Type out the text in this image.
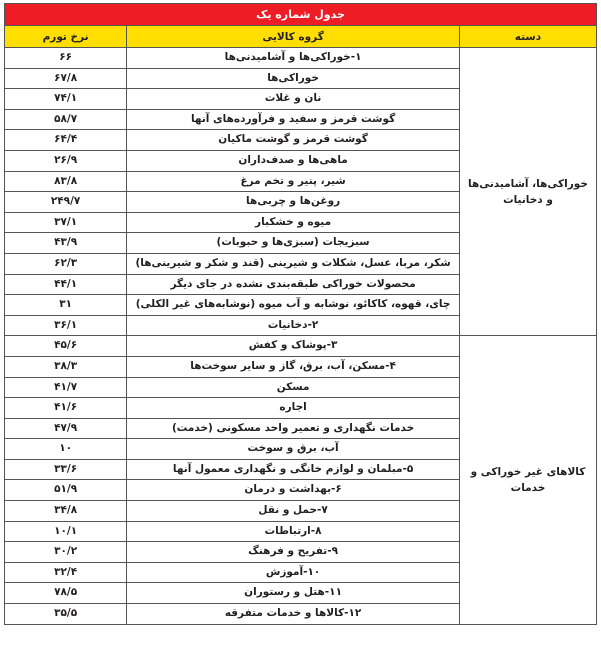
جدول شماره یک		
دسته	گروه کالایی	نرخ تورم
خوراکی‌ها، آشامیدنی‌ها و دخانیات	۱-خوراکی‌ها و آشامیدنی‌ها	۶۶
	خوراکی‌ها	۶۷/۸
	نان و غلات	۷۴/۱
	گوشت قرمز و سفید و فرآورده‌های آنها	۵۸/۷
	گوشت قرمز و گوشت ماکیان	۶۴/۴
	ماهی‌ها و صدف‌داران	۲۶/۹
	شیر، پنیر و تخم مرغ	۸۳/۸
	روغن‌ها و چربی‌ها	۲۴۹/۷
	میوه و خشکبار	۳۷/۱
	سبزیجات (سبزی‌ها و حبوبات)	۴۳/۹
	شکر، مربا، عسل، شکلات و شیرینی (قند و شکر و شیرینی‌ها)	۶۲/۳
	محصولات خوراکی طبقه‌بندی نشده در جای دیگر	۴۴/۱
	چای، قهوه، کاکائو، نوشابه و آب میوه (نوشابه‌های غیر الکلی)	۳۱
	۲-دخانیات	۳۶/۱
کالاهای غیر خوراکی و خدمات	۳-پوشاک و کفش	۴۵/۶
	۴-مسکن، آب، برق، گاز و سایر سوخت‌ها	۳۸/۳
	مسکن	۴۱/۷
	اجاره	۴۱/۶
	خدمات نگهداری و تعمیر واحد مسکونی (خدمت)	۴۷/۹
	آب، برق و سوخت	۱۰
	۵-مبلمان و لوازم خانگی و نگهداری معمول آنها	۳۳/۶
	۶-بهداشت و درمان	۵۱/۹
	۷-حمل و نقل	۳۴/۸
	۸-ارتباطات	۱۰/۱
	۹-تفریح و فرهنگ	۳۰/۲
	۱۰-آموزش	۳۲/۴
	۱۱-هتل و رستوران	۷۸/۵
	۱۲-کالاها و خدمات متفرقه	۳۵/۵
